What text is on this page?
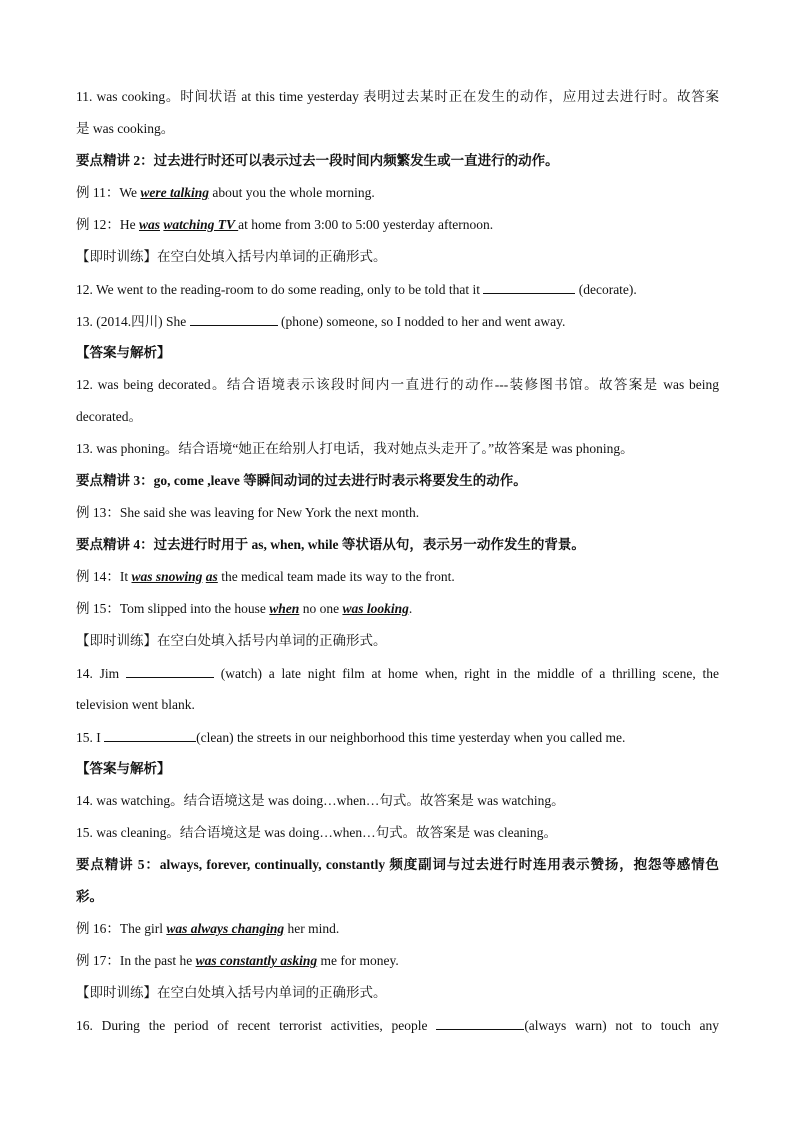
11. was cooking。时间状语 at this time yesterday 表明过去某时正在发生的动作，应用过去进行时。故答案
是 was cooking。
要点精讲 2：过去进行时还可以表示过去一段时间内频繁发生或一直进行的动作。
例 11：We were talking about you the whole morning.
例 12：He was watching TV at home from 3:00 to 5:00 yesterday afternoon.
【即时训练】在空白处填入括号内单词的正确形式。
12. We went to the reading-room to do some reading, only to be told that it	(decorate).
13. (2014.四川) She	(phone) someone, so I nodded to her and went away.
【答案与解析】
12. was being decorated。结合语境表示该段时间内一直进行的动作---装修图书馆。故答案是 was being
decorated。
13. was phoning。结合语境“她正在给别人打电话，我对她点头走开了。”故答案是 was phoning。
要点精讲 3：go, come ,leave 等瞬间动词的过去进行时表示将要发生的动作。
例 13：She said she was leaving for New York the next month.
要点精讲 4：过去进行时用于 as, when, while 等状语从句，表示另一动作发生的背景。
例 14：It was snowing as the medical team made its way to the front.
例 15：Tom slipped into the house when no one was looking.
【即时训练】在空白处填入括号内单词的正确形式。
14. Jim	(watch) a late night film at home when, right in the middle of a thrilling scene, the
television went blank.
15. I	(clean) the streets in our neighborhood this time yesterday when you called me.
【答案与解析】
14. was watching。结合语境这是 was doing…when…句式。故答案是 was watching。
15. was cleaning。结合语境这是 was doing…when…句式。故答案是 was cleaning。
要点精讲 5：always, forever, continually, constantly 频度副词与过去进行时连用表示赞扬，抱怨等感情色
彩。
例 16：The girl was always changing her mind.
例 17：In the past he was constantly asking me for money.
【即时训练】在空白处填入括号内单词的正确形式。
16. During the period of recent terrorist activities, people	(always warn) not to touch any
